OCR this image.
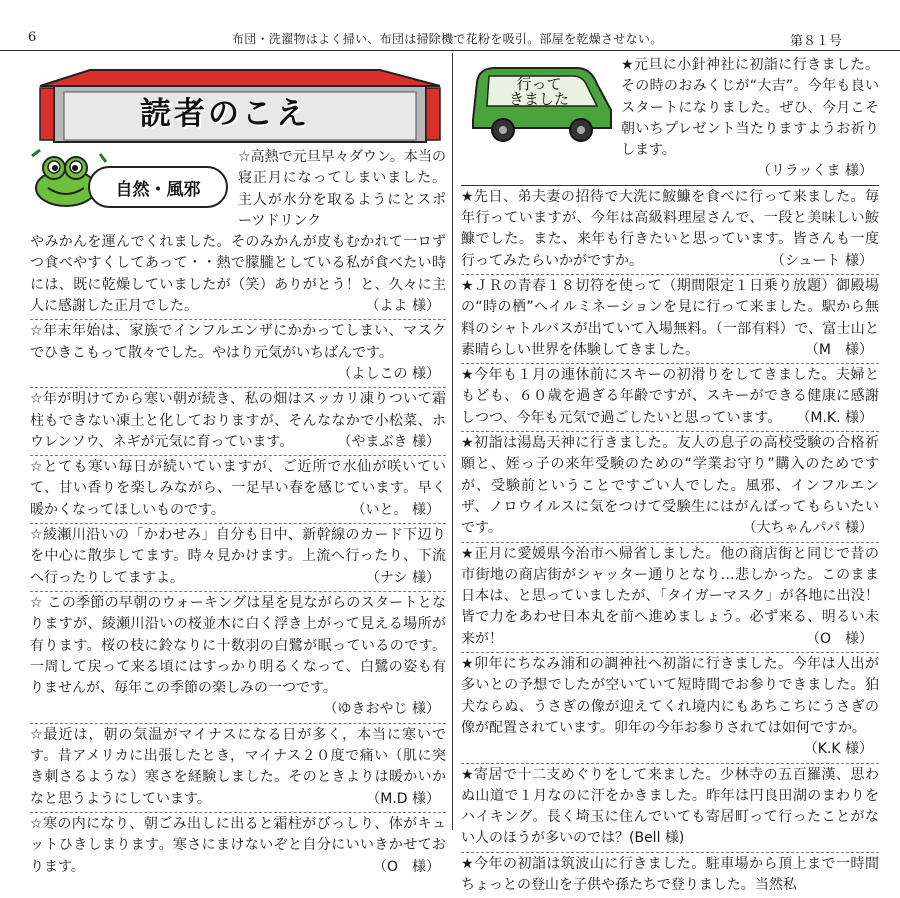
6	布団・洗濯物はよく掃い、布団は掃除機で花粉を吸引。部屋を乾燥させない。	第８１号
読者のこえ
自然・風邪
☆高熱で元旦早々ダウン。本当の寝正月になってしまいました。主人が水分を取るようにとスポーツドリンク
やみかんを運んでくれました。そのみかんが皮もむかれて一ロずつ食べやすくしてあって・・熱で朦朧としている私が食べたい時には、既に乾燥していましたが（笑）ありがとう！と、久々に主人に感謝した正月でした。	（よよ 様）
☆年末年始は、家族でインフルエンザにかかってしまい、マスクでひきこもって散々でした。やはり元気がいちばんです。
（よしこの 様）
☆年が明けてから寒い朝が続き、私の畑はスッカリ凍りついて霜柱もできない凍土と化しておりますが、そんななかで小松菜、ホウレンソウ、ネギが元気に育っています。	（やまぶき 様）
☆とても寒い毎日が続いていますが、ご近所で水仙が咲いていて、甘い香りを楽しみながら、一足早い春を感じています。早く暖かくなってほしいものです。	（いと。 様）
☆綾瀬川沿いの「かわせみ」自分も日中、新幹線のカード下辺りを中心に散歩してます。時々見かけます。上流へ行ったり、下流へ行ったりしてますよ。	（ナシ 様）
☆ この季節の早朝のウォーキングは星を見ながらのスタートとなりますが、綾瀬川沿いの桜並木に白く浮き上がって見える場所が有ります。桜の枝に鈴なりに十数羽の白鷺が眠っているのです。一周して戻って来る頃にはすっかり明るくなって、白鷺の姿も有りませんが、毎年この季節の楽しみの一つです。
（ゆきおやじ 様）
☆最近は，朝の気温がマイナスになる日が多く，本当に寒いです。昔アメリカに出張したとき，マイナス２０度で痛い（肌に突き刺さるような）寒さを経験しました。そのときよりは暖かいかなと思うようにしています。	（M.D 様）
☆寒の内になり、朝ごみ出しに出ると霜柱がびっしり、体がキュットひきしまります。寒さにまけないぞと自分にいいきかせております。	（O　様）
行って
きました
★元旦に小針神社に初詣に行きました。その時のおみくじが“大吉”。今年も良いスタートになりました。ぜひ、今月こそ朝いちプレゼント当たりますようお祈りします。
（リラッくま 様）
★先日、弟夫妻の招待で大洗に鮟鱇を食べに行って来ました。毎年行っていますが、今年は高級料理屋さんで、一段と美味しい鮟鱇でした。また、来年も行きたいと思っています。皆さんも一度行ってみたらいかがですか。	（シュート 様）
★ＪＲの青春１８切符を使って（期間限定１日乗り放題）御殿場の“時の栖”へイルミネーションを見に行って来ました。駅から無料のシャトルバスが出ていて入場無料。（一部有料）で、富士山と素晴らしい世界を体験してきました。	（M　様）
★今年も１月の連休前にスキーの初滑りをしてきました。夫婦ともども、６０歳を過ぎる年齢ですが、スキーができる健康に感謝しつつ、今年も元気で過ごしたいと思っています。 （M.K. 様）
★初詣は湯島天神に行きました。友人の息子の高校受験の合格祈願と、姪っ子の来年受験のための“学業お守り”購入のためですが、受験前ということですごい人でした。風邪、インフルエンザ、ノロウイルスに気をつけて受験生にはがんばってもらいたいです。	（大ちゃんパパ 様）
★正月に愛媛県今治市へ帰省しました。他の商店街と同じで昔の市街地の商店街がシャッター通りとなり…悲しかった。このまま日本は、と思っていましたが、「タイガーマスク」が各地に出没！皆で力をあわせ日本丸を前へ進めましょう。必ず来る、明るい未来が！	（O　様）
★卯年にちなみ浦和の調神社へ初詣に行きました。今年は人出が多いとの予想でしたが空いていて短時間でお参りできました。狛犬ならぬ、うさぎの像が迎えてくれ境内にもあちこちにうさぎの像が配置されています。卯年の今年お参りされては如何ですか。
（K.K 様）
★寄居で十二支めぐりをして来ました。少林寺の五百羅漢、思わぬ山道で１月なのに汗をかきました。昨年は円良田湖のまわりをハイキング。長く埼玉に住んでいても寄居町って行ったことがない人のほうが多いのでは？(Bell 様)
★今年の初詣は筑波山に行きました。駐車場から頂上まで一時間ちょっとの登山を子供や孫たちで登りました。当然私
